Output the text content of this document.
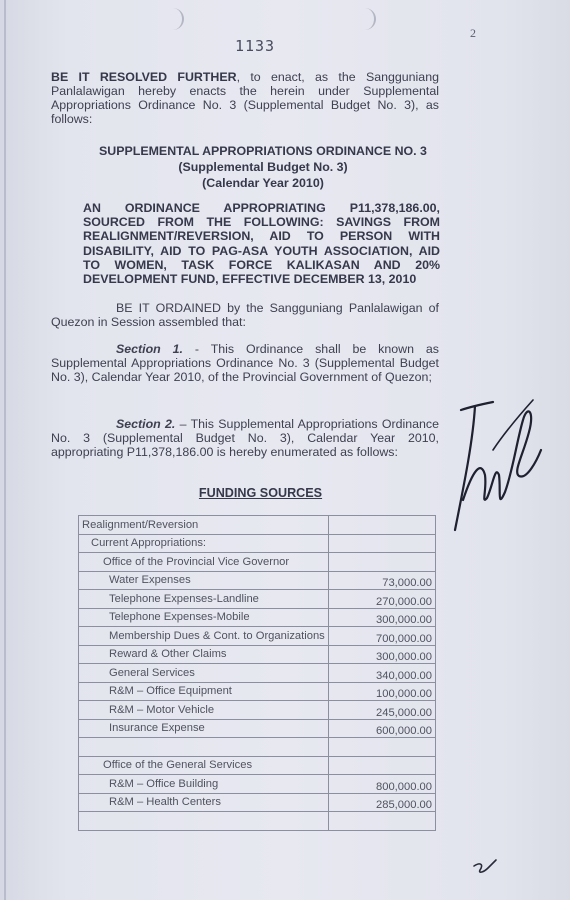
1133
2

BE IT RESOLVED FURTHER, to enact, as the Sangguniang Panlalawigan hereby enacts the herein under Supplemental Appropriations Ordinance No. 3 (Supplemental Budget No. 3), as follows:

SUPPLEMENTAL APPROPRIATIONS ORDINANCE NO. 3
(Supplemental Budget No. 3)
(Calendar Year 2010)

AN ORDINANCE APPROPRIATING P11,378,186.00, SOURCED FROM THE FOLLOWING: SAVINGS FROM REALIGNMENT/REVERSION, AID TO PERSON WITH DISABILITY, AID TO PAG-ASA YOUTH ASSOCIATION, AID TO WOMEN, TASK FORCE KALIKASAN AND 20% DEVELOPMENT FUND, EFFECTIVE DECEMBER 13, 2010

BE IT ORDAINED by the Sangguniang Panlalawigan of Quezon in Session assembled that:

Section 1. - This Ordinance shall be known as Supplemental Appropriations Ordinance No. 3 (Supplemental Budget No. 3), Calendar Year 2010, of the Provincial Government of Quezon;

Section 2. – This Supplemental Appropriations Ordinance No. 3 (Supplemental Budget No. 3), Calendar Year 2010, appropriating P11,378,186.00 is hereby enumerated as follows:

FUNDING SOURCES
Realignment/Reversion	
Current Appropriations:	
Office of the Provincial Vice Governor	
Water Expenses	73,000.00
Telephone Expenses-Landline	270,000.00
Telephone Expenses-Mobile	300,000.00
Membership Dues & Cont. to Organizations	700,000.00
Reward & Other Claims	300,000.00
General Services	340,000.00
R&M – Office Equipment	100,000.00
R&M – Motor Vehicle	245,000.00
Insurance Expense	600,000.00

Office of the General Services	
R&M – Office Building	800,000.00
R&M – Health Centers	285,000.00
